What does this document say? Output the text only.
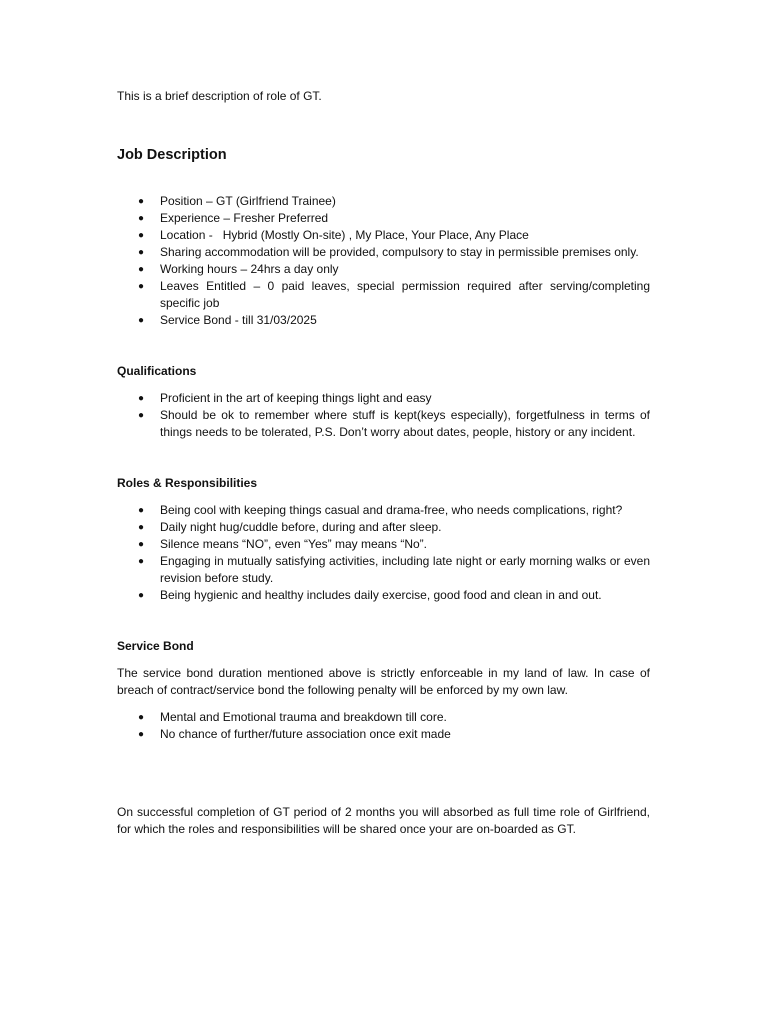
This is a brief description of role of GT.

Job Description
● Position – GT (Girlfriend Trainee)
● Experience – Fresher Preferred
● Location -   Hybrid (Mostly On-site) , My Place, Your Place, Any Place
● Sharing accommodation will be provided, compulsory to stay in permissible premises only.
● Working hours – 24hrs a day only
● Leaves Entitled – 0 paid leaves, special permission required after serving/completing specific job
● Service Bond - till 31/03/2025
Qualifications
● Proficient in the art of keeping things light and easy
● Should be ok to remember where stuff is kept(keys especially), forgetfulness in terms of things needs to be tolerated, P.S. Don’t worry about dates, people, history or any incident.
Roles & Responsibilities
● Being cool with keeping things casual and drama-free, who needs complications, right?
● Daily night hug/cuddle before, during and after sleep.
● Silence means “NO”, even “Yes” may means “No”.
● Engaging in mutually satisfying activities, including late night or early morning walks or even revision before study.
● Being hygienic and healthy includes daily exercise, good food and clean in and out.
Service Bond

The service bond duration mentioned above is strictly enforceable in my land of law. In case of breach of contract/service bond the following penalty will be enforced by my own law.

● Mental and Emotional trauma and breakdown till core.
● No chance of further/future association once exit made

On successful completion of GT period of 2 months you will absorbed as full time role of Girlfriend, for which the roles and responsibilities will be shared once your are on-boarded as GT.
